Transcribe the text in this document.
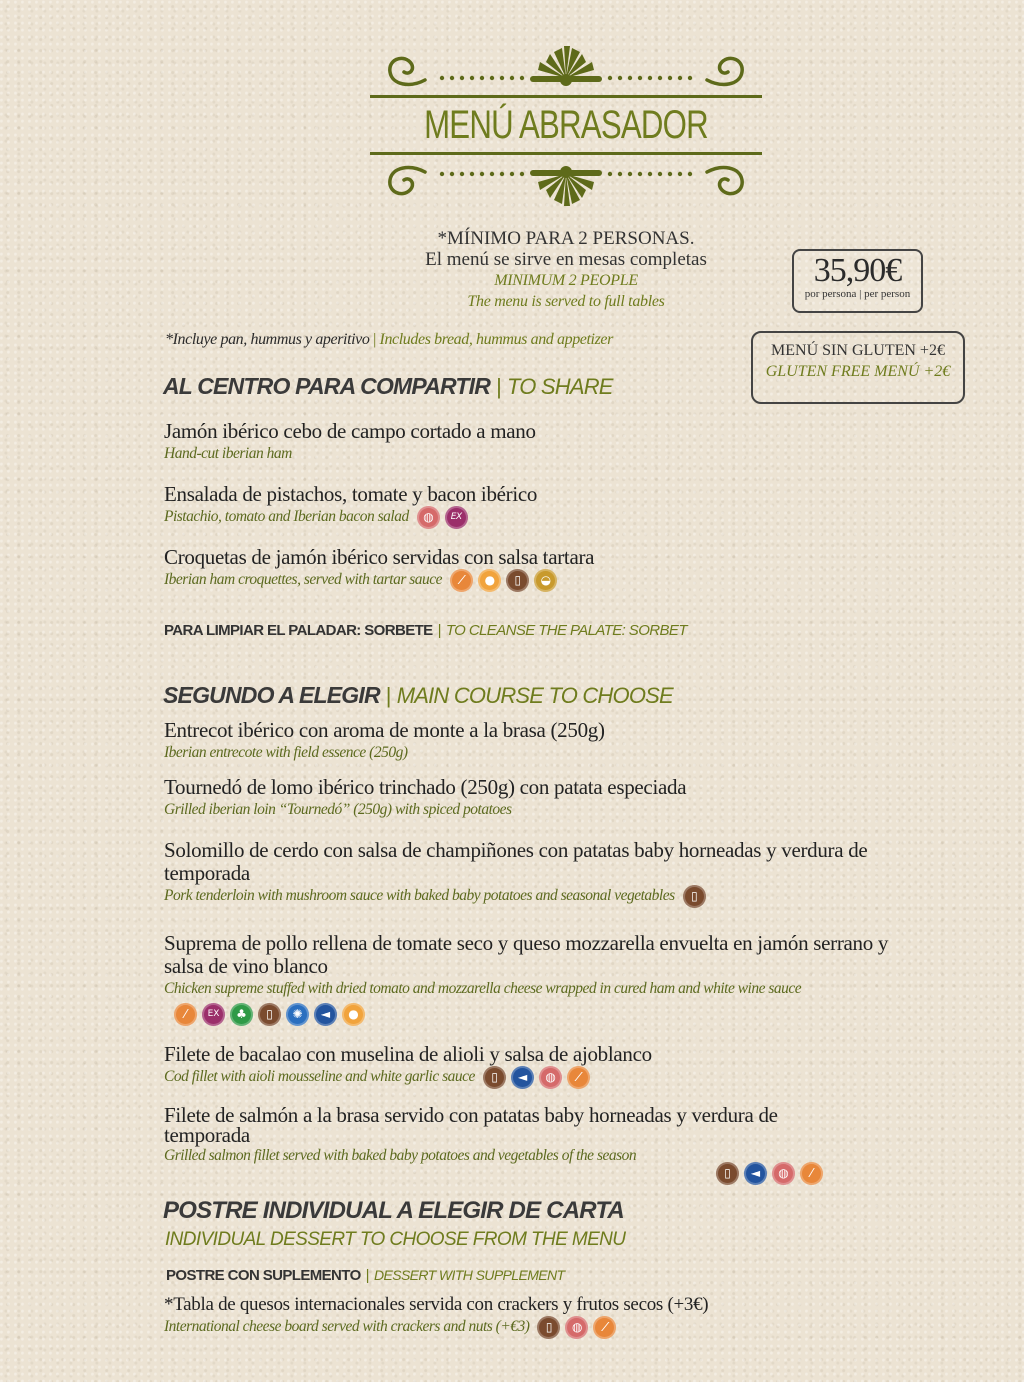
MENÚ ABRASADOR
*MÍNIMO PARA 2 PERSONAS.
El menú se sirve en mesas completas
MINIMUM 2 PEOPLE
The menu is served to full tables
35,90€
por persona | per person
MENÚ SIN GLUTEN +2€
GLUTEN FREE MENÚ +2€
*Incluye pan, hummus y aperitivo | Includes bread, hummus and appetizer
AL CENTRO PARA COMPARTIR | TO SHARE
Jamón ibérico cebo de campo cortado a mano
Hand-cut iberian ham
Ensalada de pistachos, tomate y bacon ibérico
Pistachio, tomato and Iberian bacon salad ◍ EX
Croquetas de jamón ibérico servidas con salsa tartara
Iberian ham croquettes, served with tartar sauce ⁄ ● ▯ ◒
PARA LIMPIAR EL PALADAR: SORBETE | TO CLEANSE THE PALATE: SORBET
SEGUNDO A ELEGIR | MAIN COURSE TO CHOOSE
Entrecot ibérico con aroma de monte a la brasa (250g)
Iberian entrecote with field essence (250g)
Tournedó de lomo ibérico trinchado (250g) con patata especiada
Grilled iberian loin “Tournedó” (250g) with spiced potatoes
Solomillo de cerdo con salsa de champiñones con patatas baby horneadas y verdura de temporada
Pork tenderloin with mushroom sauce with baked baby potatoes and seasonal vegetables ▯
Suprema de pollo rellena de tomate seco y queso mozzarella envuelta en jamón serrano y salsa de vino blanco
Chicken supreme stuffed with dried tomato and mozzarella cheese wrapped in cured ham and white wine sauce
⁄ EX ♣ ▯ ✺ ◄ ●
Filete de bacalao con muselina de alioli y salsa de ajoblanco
Cod fillet with aioli mousseline and white garlic sauce ▯ ◄ ◍ ⁄
Filete de salmón a la brasa servido con patatas baby horneadas y verdura de temporada
Grilled salmon fillet served with baked baby potatoes and vegetables of the season
▯ ◄ ◍ ⁄
POSTRE INDIVIDUAL A ELEGIR DE CARTA
INDIVIDUAL DESSERT TO CHOOSE FROM THE MENU
POSTRE CON SUPLEMENTO | DESSERT WITH SUPPLEMENT
*Tabla de quesos internacionales servida con crackers y frutos secos (+3€)
International cheese board served with crackers and nuts (+€3) ▯ ◍ ⁄
